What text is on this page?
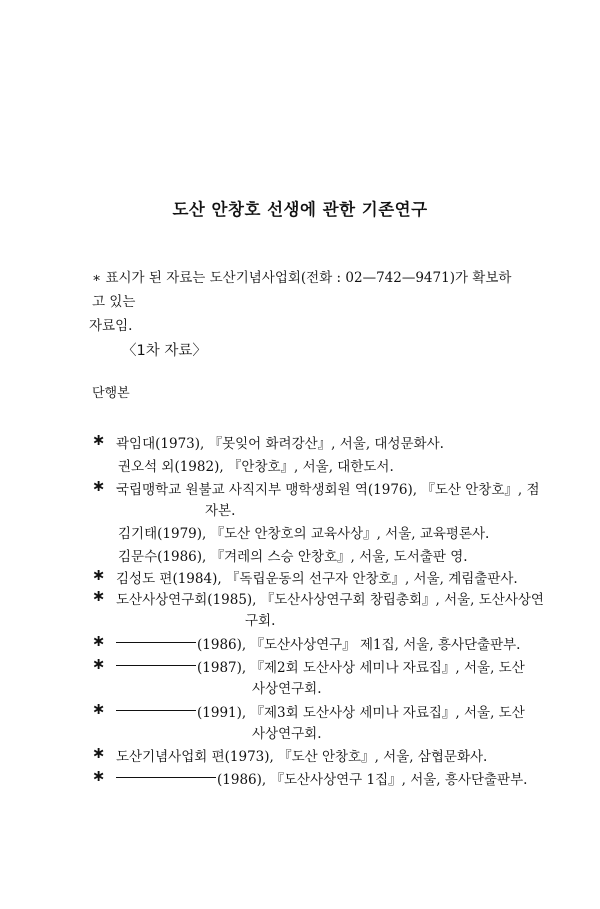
도산 안창호 선생에 관한 기존연구
∗ 표시가 된 자료는 도산기념사업회(전화 : 02—742—9471)가 확보하고 있는
자료임.
〈1차 자료〉
단행본
∗ 곽임대(1973), 『못잊어 화려강산』, 서울, 대성문화사.
권오석 외(1982), 『안창호』, 서울, 대한도서.
∗ 국립맹학교 원불교 사직지부 맹학생회원 역(1976), 『도산 안창호』, 점
자본.
김기태(1979), 『도산 안창호의 교육사상』, 서울, 교육평론사.
김문수(1986), 『겨레의 스승 안창호』, 서울, 도서출판 영.
∗ 김성도 편(1984), 『독립운동의 선구자 안창호』, 서울, 계림출판사.
∗ 도산사상연구회(1985), 『도산사상연구회 창립총회』, 서울, 도산사상연
구회.
∗	(1986), 『도산사상연구』 제1집, 서울, 흥사단출판부.
∗	(1987), 『제2회 도산사상 세미나 자료집』, 서울, 도산
사상연구회.
∗	(1991), 『제3회 도산사상 세미나 자료집』, 서울, 도산
사상연구회.
∗ 도산기념사업회 편(1973), 『도산 안창호』, 서울, 삼협문화사.
∗	(1986), 『도산사상연구 1집』, 서울, 흥사단출판부.
